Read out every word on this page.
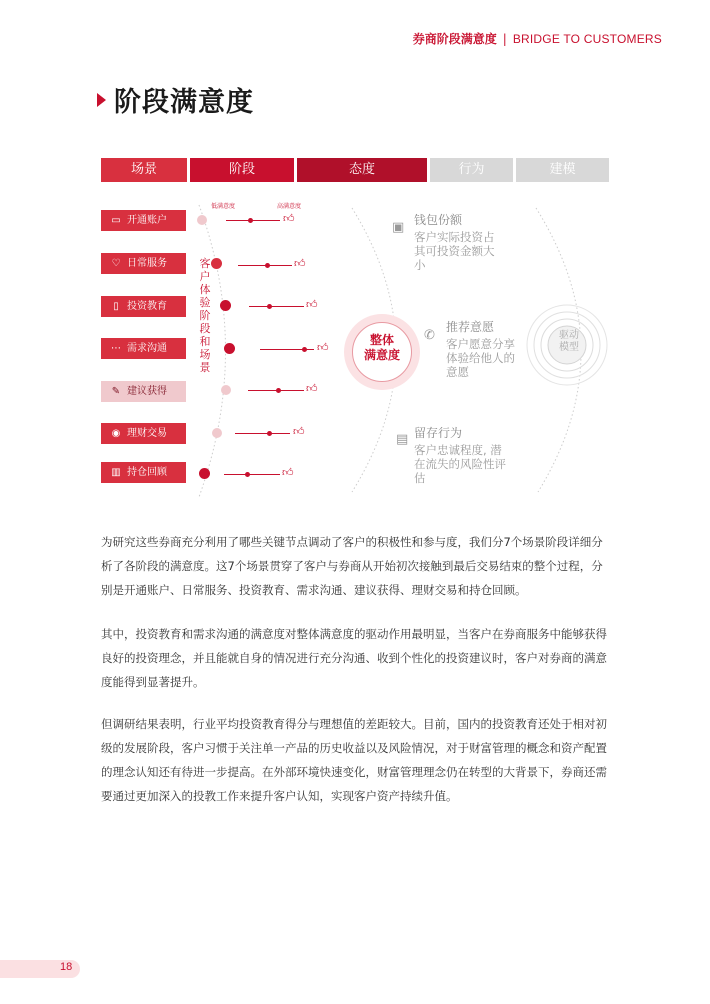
券商阶段满意度 | BRIDGE TO CUSTOMERS
阶段满意度
场景	阶段	态度	行为	建模
低满意度	高满意度
▭ 开通账户
♡ 日常服务
▯ 投资教育
⋯ 需求沟通
✎ 建议获得
◉ 理财交易
▥ 持仓回顾
客户体验阶段和场景
👍︎
👍︎
👍︎
👍︎
👍︎
👍︎
👍︎
整体
满意度
▣ 钱包份额
客户实际投资占其可投资金额大小
✆
推荐意愿
客户愿意分享体验给他人的意愿
▤ 留存行为
客户忠诚程度, 潜在流失的风险性评估
驱动
模型

为研究这些券商充分利用了哪些关键节点调动了客户的积极性和参与度，我们分7个场景阶段详细分析了各阶段的满意度。这7个场景贯穿了客户与券商从开始初次接触到最后交易结束的整个过程，分别是开通账户、日常服务、投资教育、需求沟通、建议获得、理财交易和持仓回顾。

其中，投资教育和需求沟通的满意度对整体满意度的驱动作用最明显，当客户在券商服务中能够获得良好的投资理念，并且能就自身的情况进行充分沟通、收到个性化的投资建议时，客户对券商的满意度能得到显著提升。

但调研结果表明，行业平均投资教育得分与理想值的差距较大。目前，国内的投资教育还处于相对初级的发展阶段，客户习惯于关注单一产品的历史收益以及风险情况，对于财富管理的概念和资产配置的理念认知还有待进一步提高。在外部环境快速变化，财富管理理念仍在转型的大背景下，券商还需要通过更加深入的投教工作来提升客户认知，实现客户资产持续升值。

18
